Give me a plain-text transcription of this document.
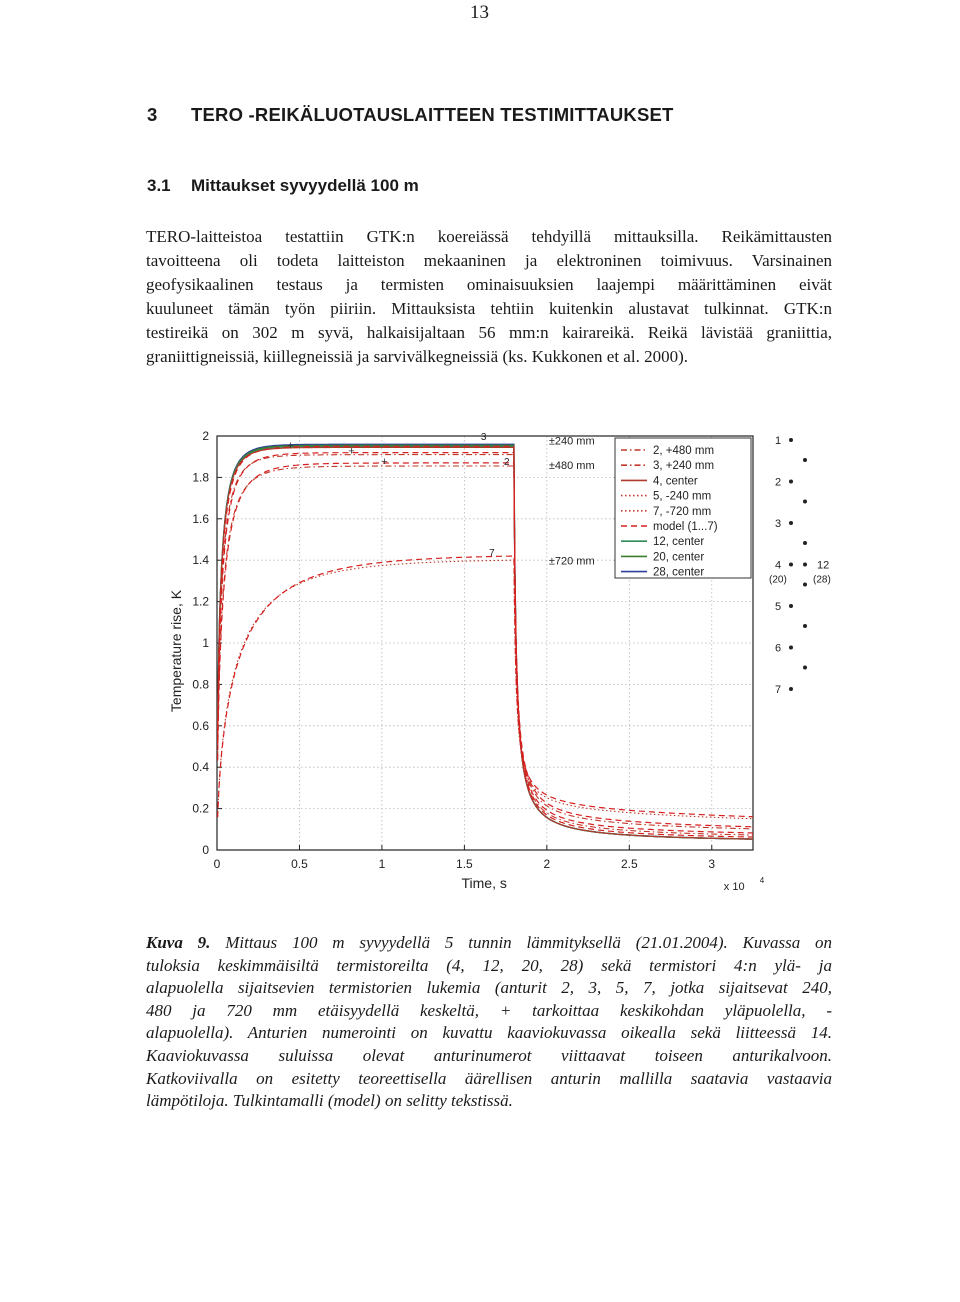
13
3 TERO -REIKÄLUOTAUSLAITTEEN TESTIMITTAUKSET
3.1 Mittaukset syvyydellä 100 m
TERO-laitteistoa testattiin GTK:n koereiässä tehdyillä mittauksilla. Reikämittausten
tavoitteena oli todeta laitteiston mekaaninen ja elektroninen toimivuus. Varsinainen
geofysikaalinen testaus ja termisten ominaisuuksien laajempi määrittäminen eivät
kuuluneet tämän työn piiriin. Mittauksista tehtiin kuitenkin alustavat tulkinnat. GTK:n
testireikä on 302 m syvä, halkaisijaltaan 56 mm:n kairareikä. Reikä lävistää graniittia,
graniittigneissiä, kiillegneissiä ja sarvivälkegneissiä (ks. Kukkonen et al. 2000).
0	0.5	1	1.5	2	2.5	3
0
0.2
0.4
0.6
0.8
1
1.2
1.4
1.6
1.8
2
Time, s	x 10
4
Temperature rise, K
+	+
+
±240 mm
±480 mm
±720 mm
3
2
7
2, +480 mm
3, +240 mm
4, center
5, -240 mm
7, -720 mm
model (1...7)
12, center
20, center
28, center
1
2
3
4
(20)
12
(28)
5
6
7
Kuva 9. Mittaus 100 m syvyydellä 5 tunnin lämmityksellä (21.01.2004). Kuvassa on
tuloksia keskimmäisiltä termistoreilta (4, 12, 20, 28) sekä termistori 4:n ylä- ja
alapuolella sijaitsevien termistorien lukemia (anturit 2, 3, 5, 7, jotka sijaitsevat 240,
480 ja 720 mm etäisyydellä keskeltä, + tarkoittaa keskikohdan yläpuolella, -
alapuolella). Anturien numerointi on kuvattu kaaviokuvassa oikealla sekä liitteessä 14.
Kaaviokuvassa suluissa olevat anturinumerot viittaavat toiseen anturikalvoon.
Katkoviivalla on esitetty teoreettisella äärellisen anturin mallilla saatavia vastaavia
lämpötiloja. Tulkintamalli (model) on selitty tekstissä.
